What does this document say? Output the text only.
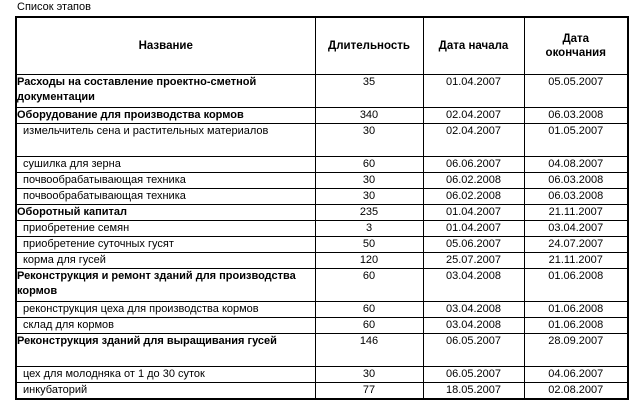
Список этапов
Название	Длительность	Дата начала	Дата
окончания

Расходы на составление проектно-сметной документации	35	01.04.2007	05.05.2007

Оборудование для производства кормов	340	02.04.2007	06.03.2008

измельчитель сена и растительных материалов	30	02.04.2007	01.05.2007

сушилка для зерна	60	06.06.2007	04.08.2007

почвообрабатывающая техника	30	06.02.2008	06.03.2008

почвообрабатывающая техника	30	06.02.2008	06.03.2008

Оборотный капитал	235	01.04.2007	21.11.2007

приобретение семян	3	01.04.2007	03.04.2007

приобретение суточных гусят	50	05.06.2007	24.07.2007

корма для гусей	120	25.07.2007	21.11.2007

Реконструкция и ремонт зданий для производства кормов	60	03.04.2008	01.06.2008

реконструкция цеха для производства кормов	60	03.04.2008	01.06.2008

склад для кормов	60	03.04.2008	01.06.2008

Реконструкция зданий для выращивания гусей	146	06.05.2007	28.09.2007

цех для молодняка от 1 до 30 суток	30	06.05.2007	04.06.2007

инкубаторий	77	18.05.2007	02.08.2007
